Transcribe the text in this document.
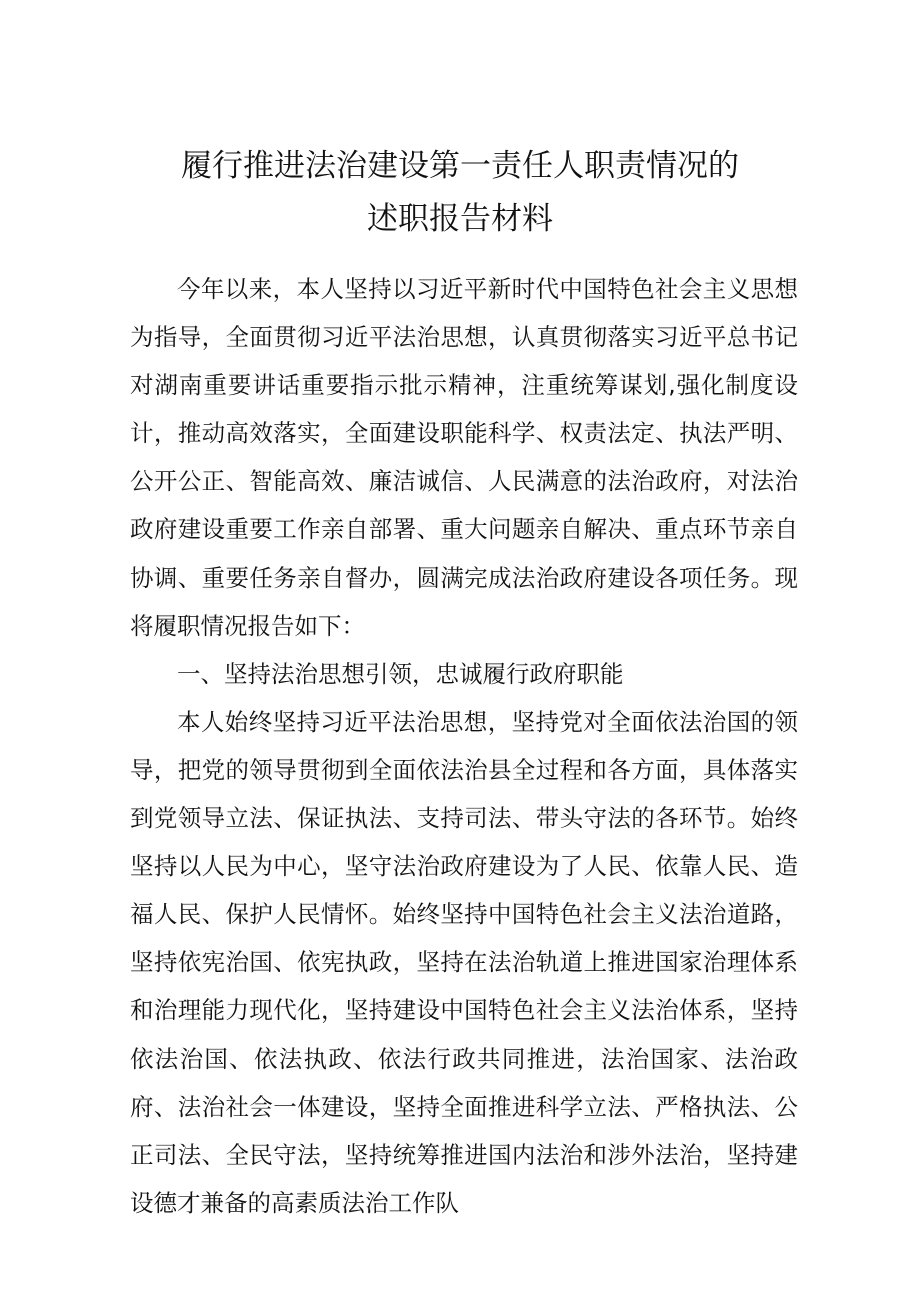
履行推进法治建设第一责任人职责情况的
述职报告材料

今年以来，本人坚持以习近平新时代中国特色社会主义思想为指导，全面贯彻习近平法治思想，认真贯彻落实习近平总书记对湖南重要讲话重要指示批示精神，注重统筹谋划,强化制度设计，推动高效落实，全面建设职能科学、权责法定、执法严明、公开公正、智能高效、廉洁诚信、人民满意的法治政府，对法治政府建设重要工作亲自部署、重大问题亲自解决、重点环节亲自协调、重要任务亲自督办，圆满完成法治政府建设各项任务。现将履职情况报告如下：

一、坚持法治思想引领，忠诚履行政府职能

本人始终坚持习近平法治思想，坚持党对全面依法治国的领导，把党的领导贯彻到全面依法治县全过程和各方面，具体落实到党领导立法、保证执法、支持司法、带头守法的各环节。始终坚持以人民为中心，坚守法治政府建设为了人民、依靠人民、造福人民、保护人民情怀。始终坚持中国特色社会主义法治道路，坚持依宪治国、依宪执政，坚持在法治轨道上推进国家治理体系和治理能力现代化，坚持建设中国特色社会主义法治体系，坚持依法治国、依法执政、依法行政共同推进，法治国家、法治政府、法治社会一体建设，坚持全面推进科学立法、严格执法、公正司法、全民守法，坚持统筹推进国内法治和涉外法治，坚持建设德才兼备的高素质法治工作队
